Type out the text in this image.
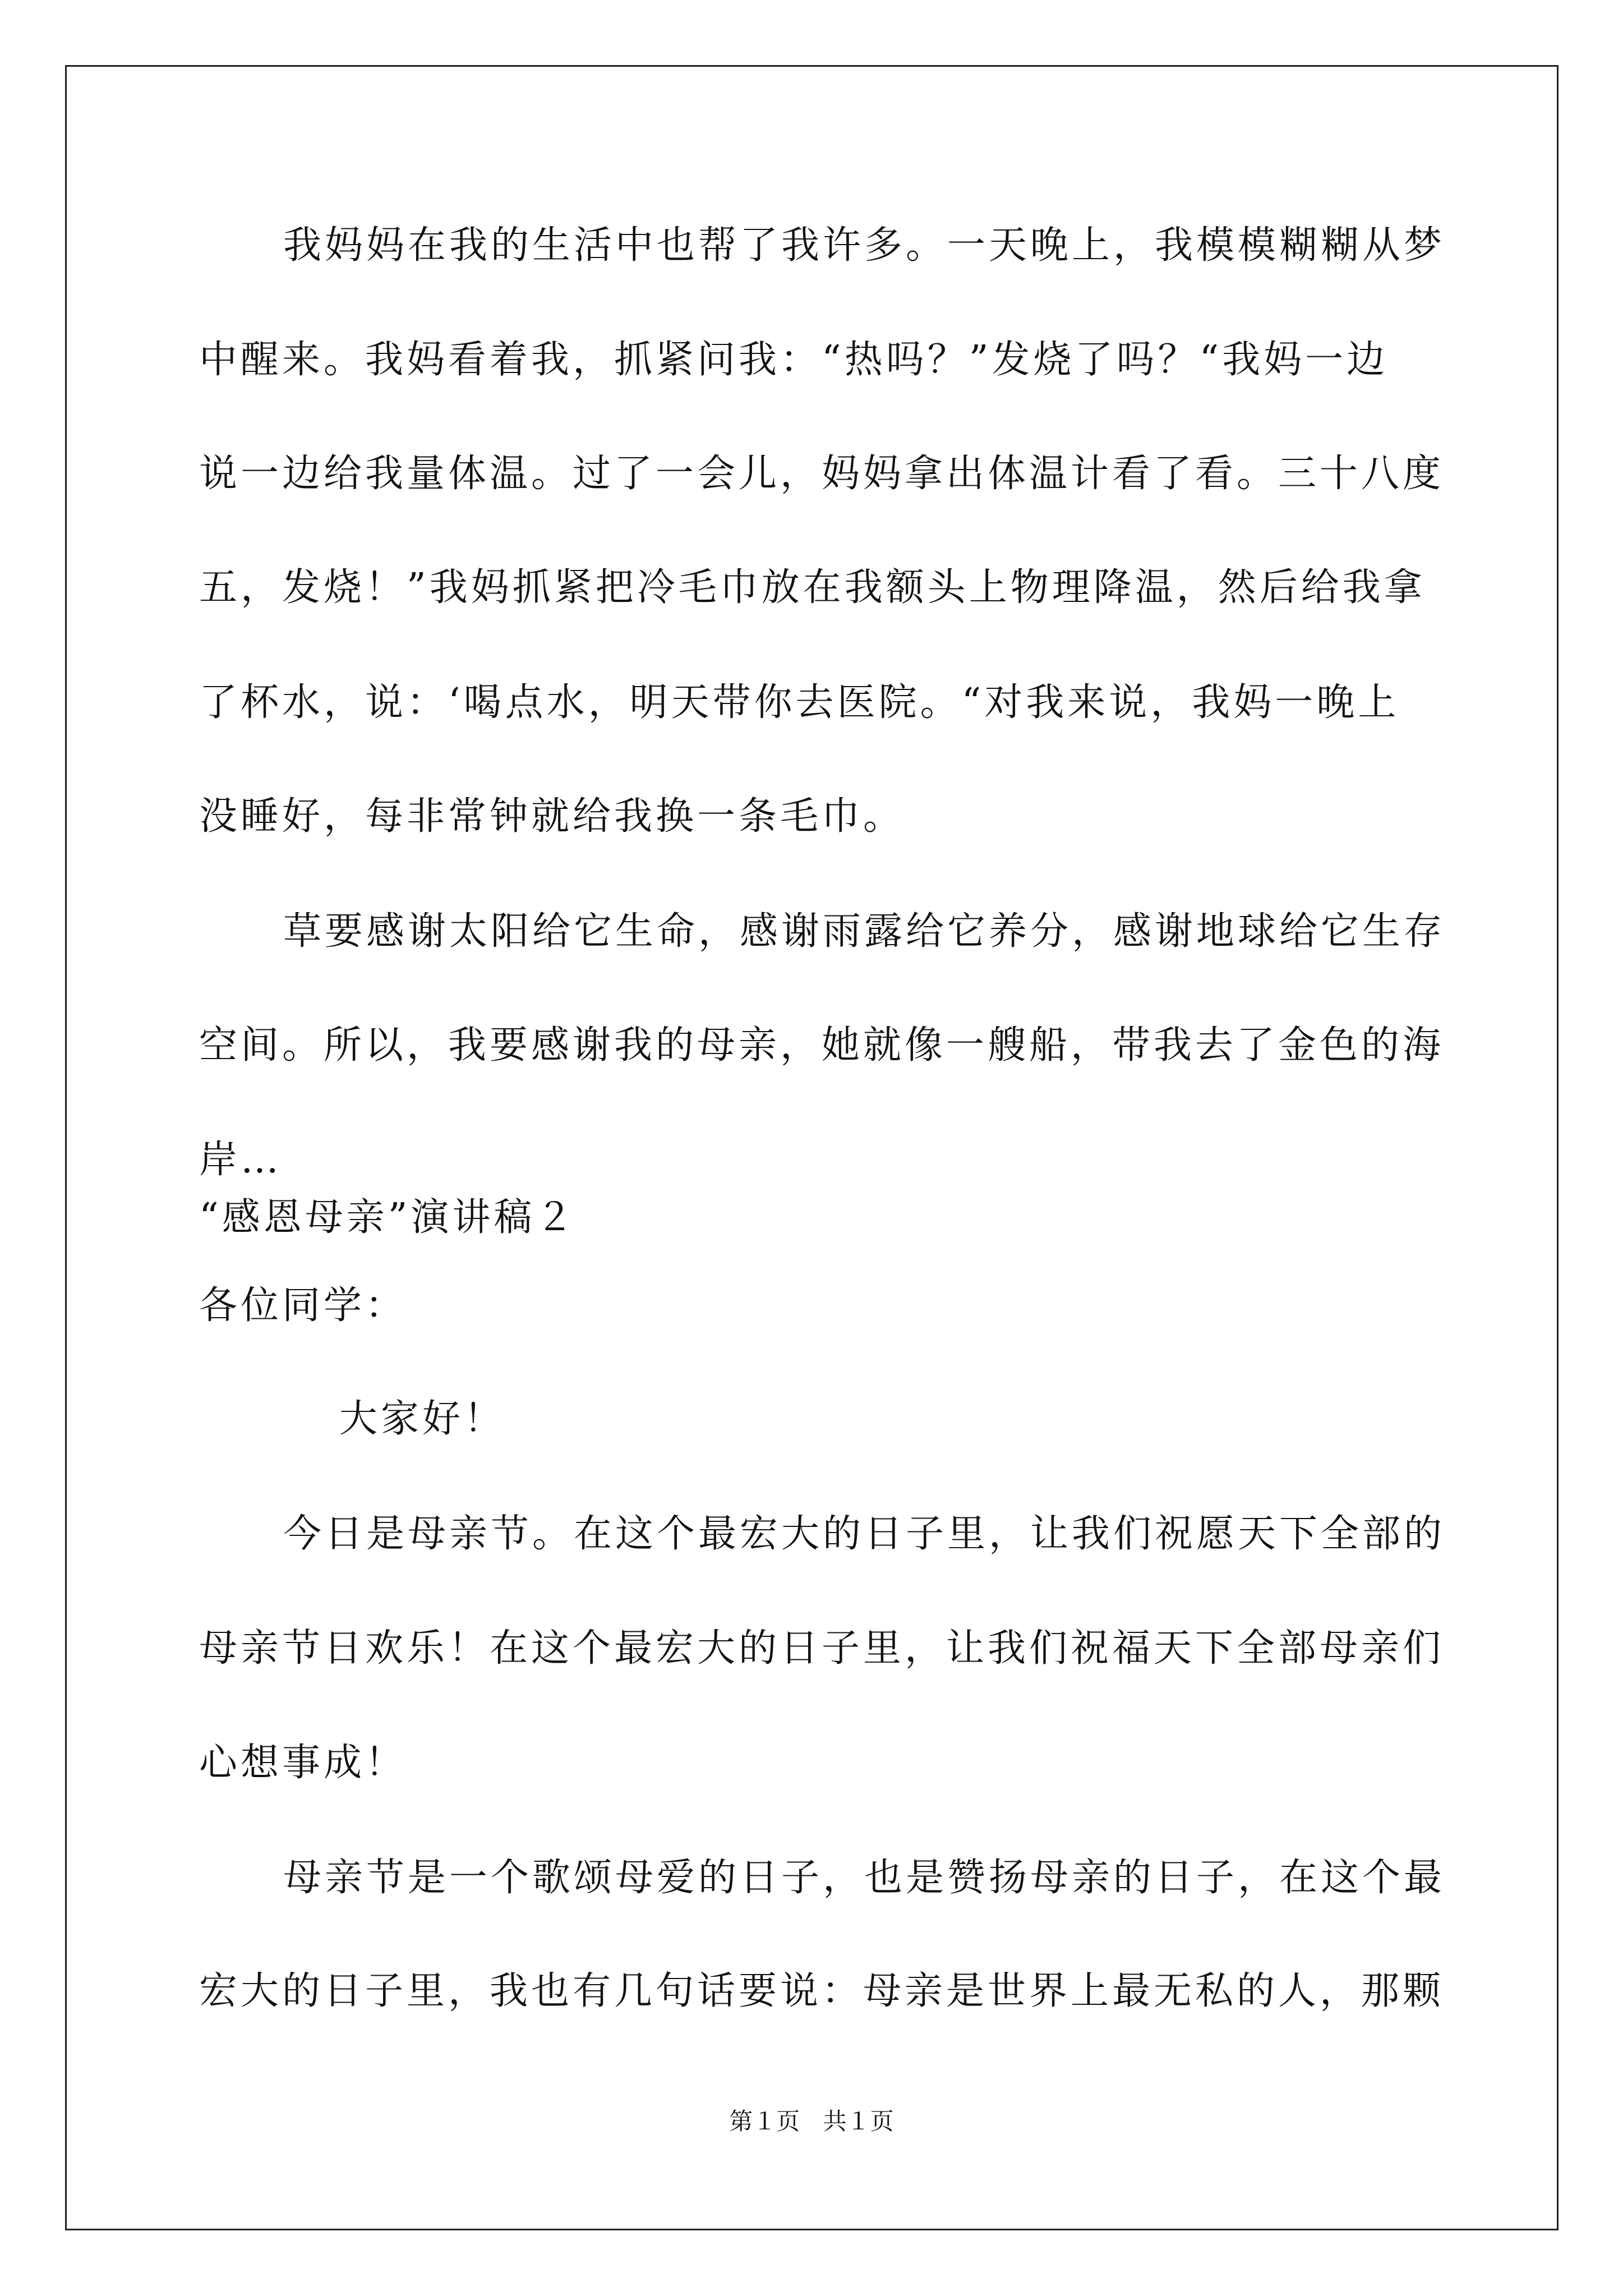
我妈妈在我的生活中也帮了我许多。一天晚上，我模模糊糊从梦
中醒来。我妈看着我，抓紧问我：“热吗？”发烧了吗？“我妈一边
说一边给我量体温。过了一会儿，妈妈拿出体温计看了看。三十八度
五，发烧！”我妈抓紧把冷毛巾放在我额头上物理降温，然后给我拿
了杯水，说：‘喝点水，明天带你去医院。“对我来说，我妈一晚上
没睡好，每非常钟就给我换一条毛巾。
草要感谢太阳给它生命，感谢雨露给它养分，感谢地球给它生存
空间。所以，我要感谢我的母亲，她就像一艘船，带我去了金色的海
岸…
“感恩母亲”演讲稿２
各位同学：
大家好！
今日是母亲节。在这个最宏大的日子里，让我们祝愿天下全部的
母亲节日欢乐！在这个最宏大的日子里，让我们祝福天下全部母亲们
心想事成！
母亲节是一个歌颂母爱的日子，也是赞扬母亲的日子，在这个最
宏大的日子里，我也有几句话要说：母亲是世界上最无私的人，那颗
第１页 共１页
